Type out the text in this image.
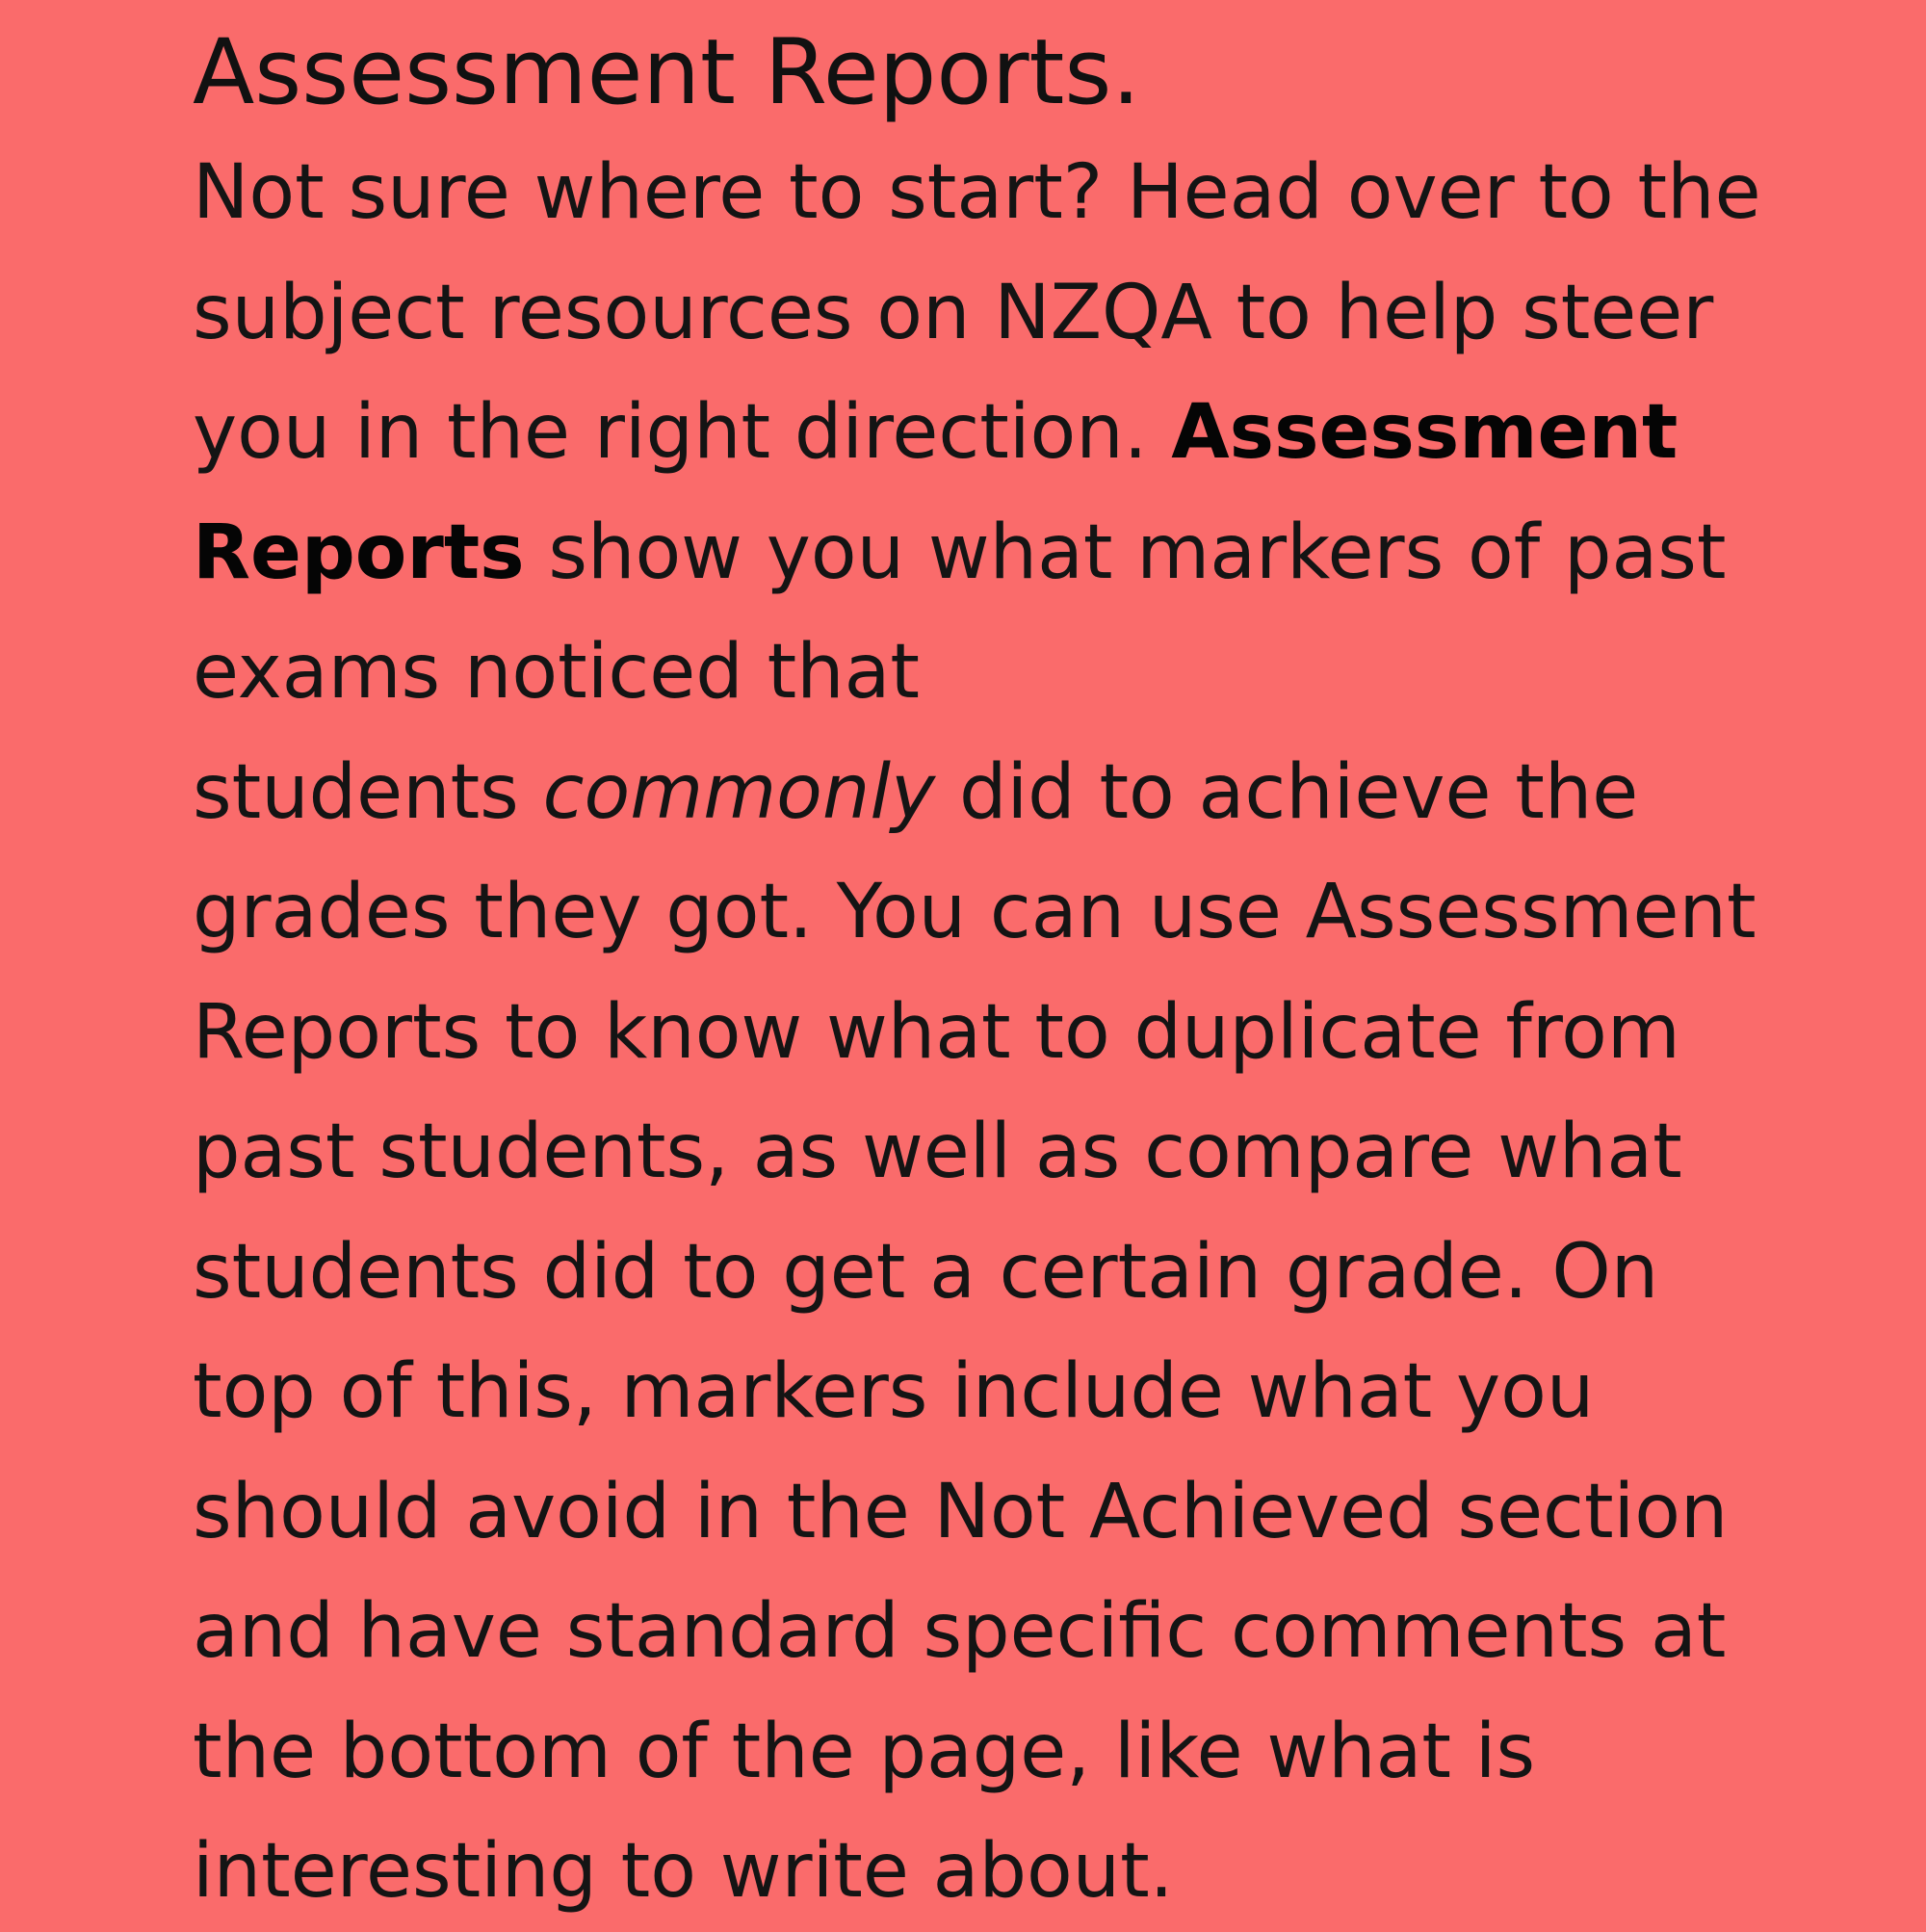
Assessment Reports.
Not sure where to start? Head over to the
subject resources on NZQA to help steer
you in the right direction. Assessment
Reports show you what markers of past
exams noticed that
students commonly did to achieve the
grades they got. You can use Assessment
Reports to know what to duplicate from
past students, as well as compare what
students did to get a certain grade. On
top of this, markers include what you
should avoid in the Not Achieved section
and have standard specific comments at
the bottom of the page, like what is
interesting to write about.
